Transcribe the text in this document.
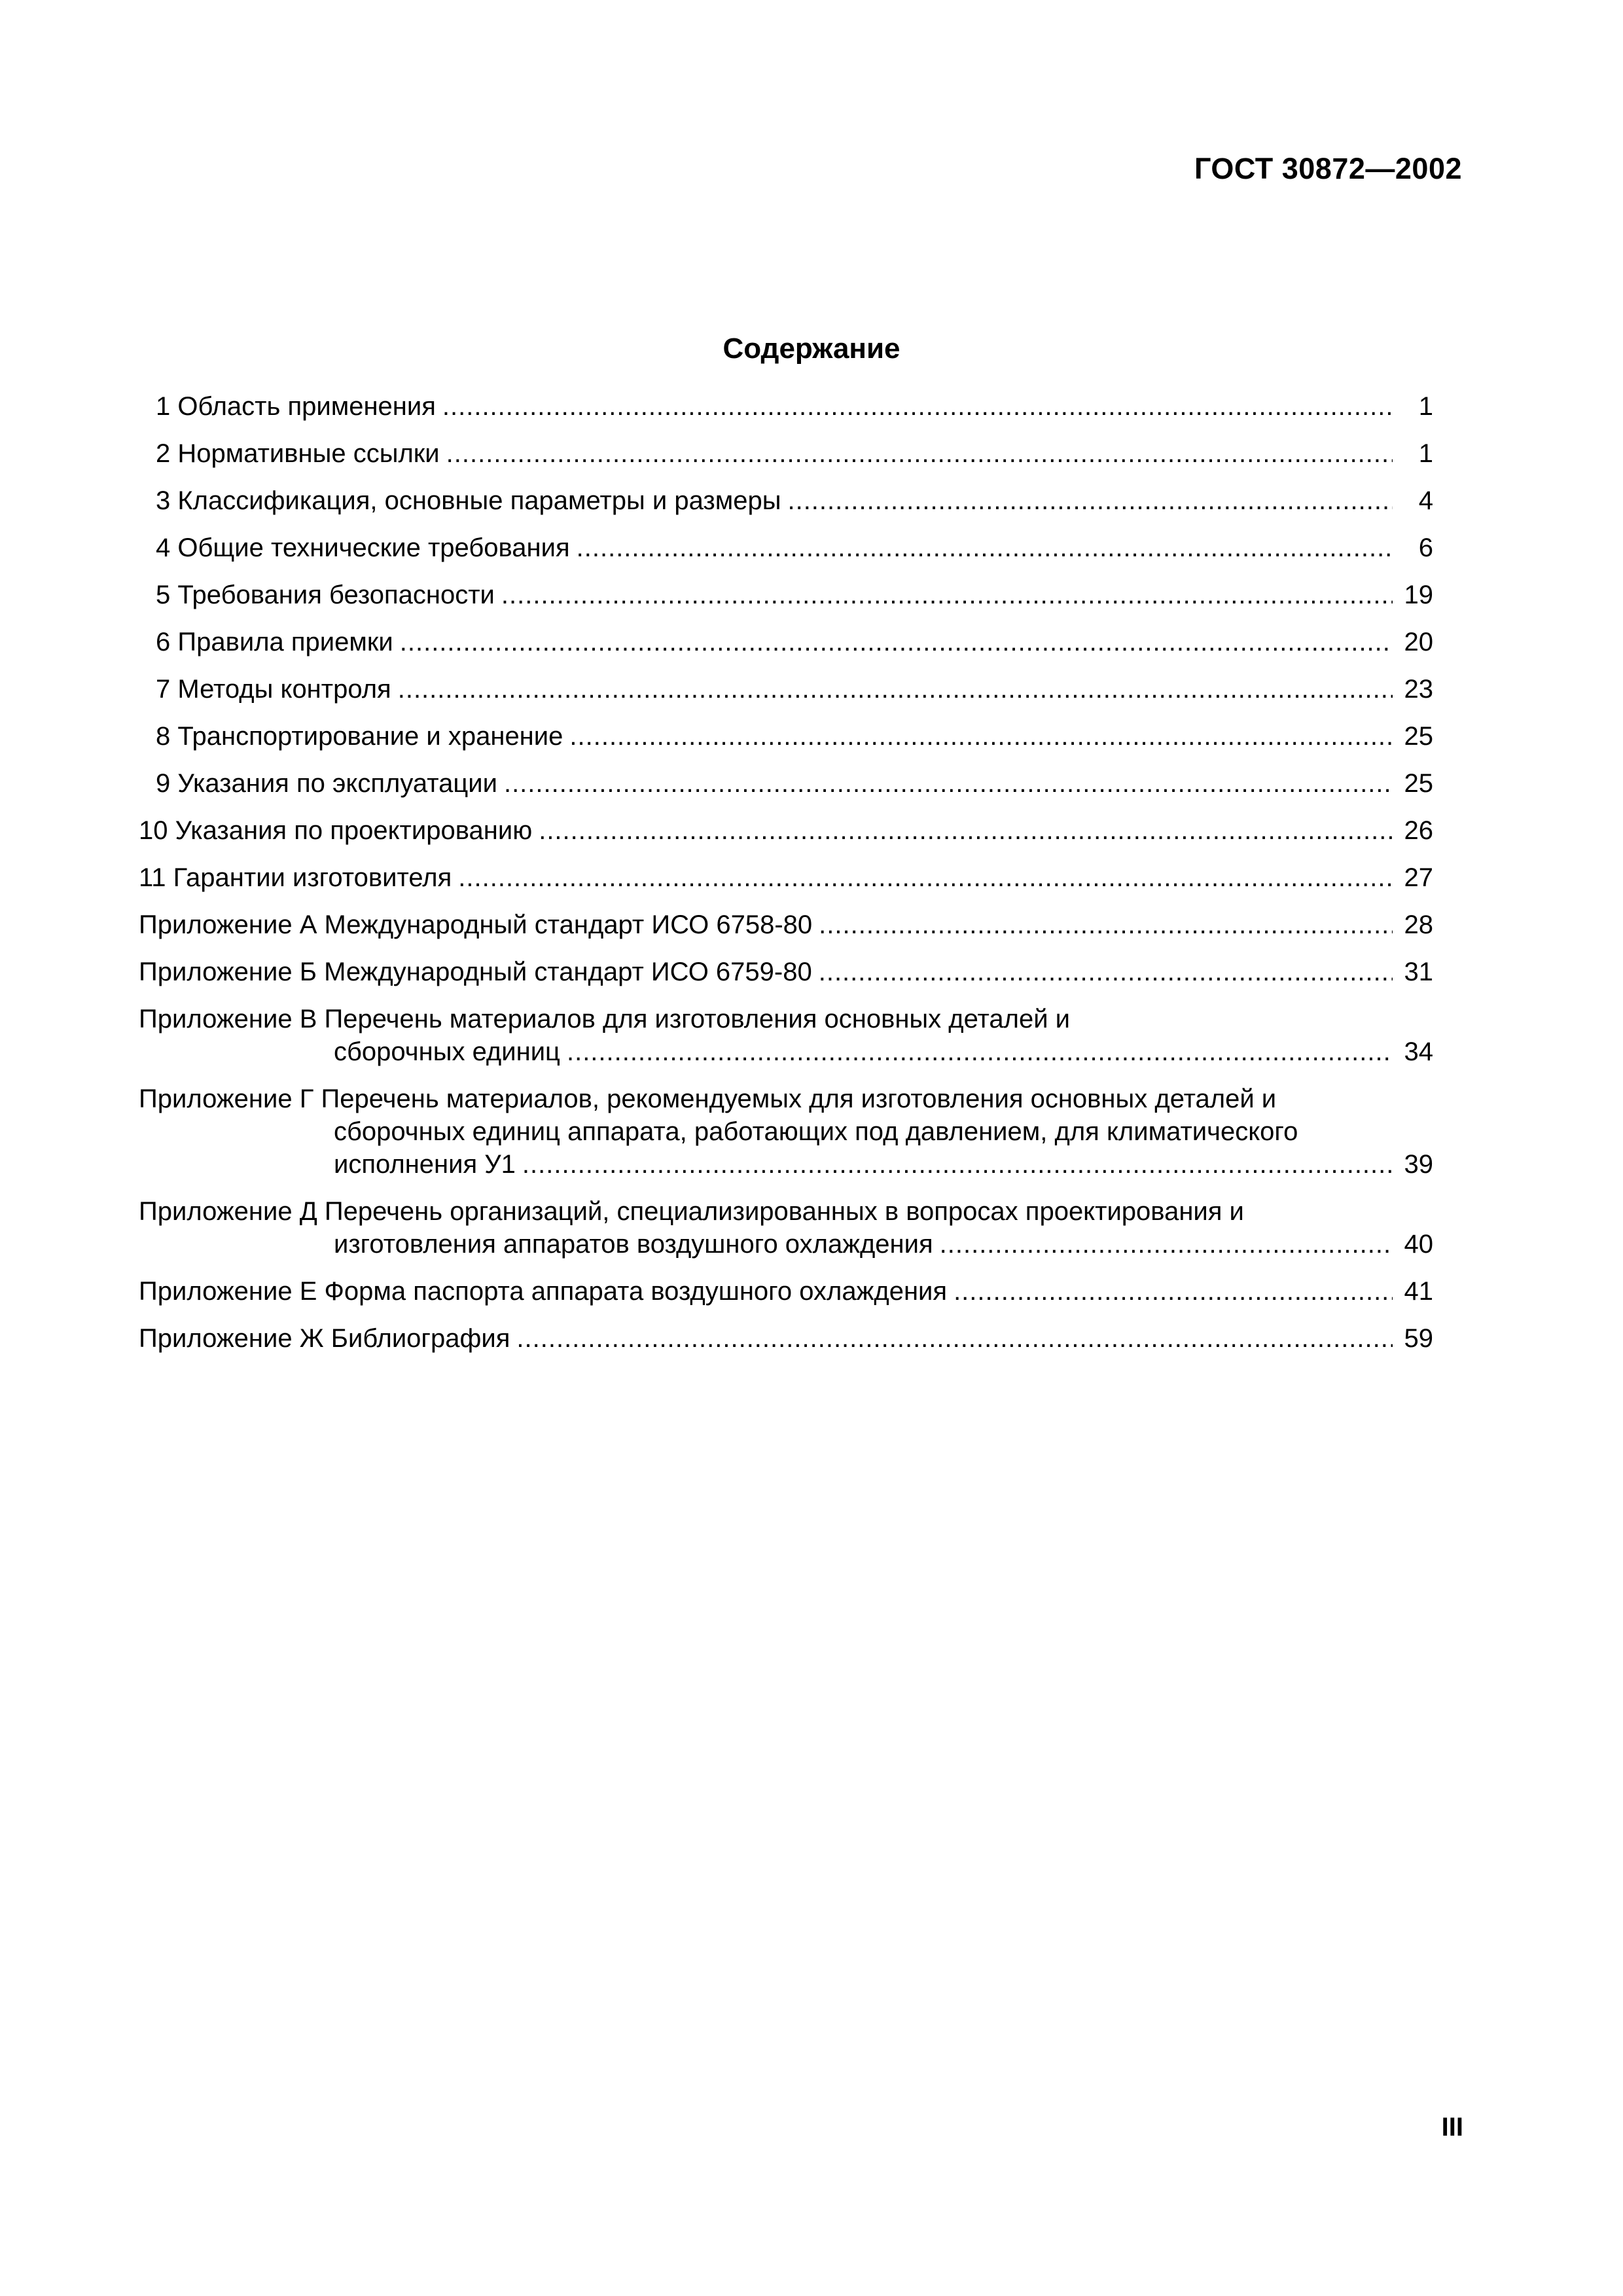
ГОСТ 30872—2002
Содержание
1 Область применения .....	1
2 Нормативные ссылки .....	1
3 Классификация, основные параметры и размеры .....	4
4 Общие технические требования .....	6
5 Требования безопасности .....	19
6 Правила приемки .....	20
7 Методы контроля .....	23
8 Транспортирование и хранение .....	25
9 Указания по эксплуатации .....	25
10 Указания по проектированию .....	26
11 Гарантии изготовителя .....	27
Приложение А Международный стандарт ИСО 6758-80 .....	28
Приложение Б Международный стандарт ИСО 6759-80 .....	31
Приложение В Перечень материалов для изготовления основных деталей и
сборочных единиц .....	34
Приложение Г Перечень материалов, рекомендуемых для изготовления основных деталей и
сборочных единиц аппарата, работающих под давлением, для климатического
исполнения У1 .....	39
Приложение Д Перечень организаций, специализированных в вопросах проектирования и
изготовления аппаратов воздушного охлаждения .....	40
Приложение Е Форма паспорта аппарата воздушного охлаждения .....	41
Приложение Ж Библиография .....	59
III
